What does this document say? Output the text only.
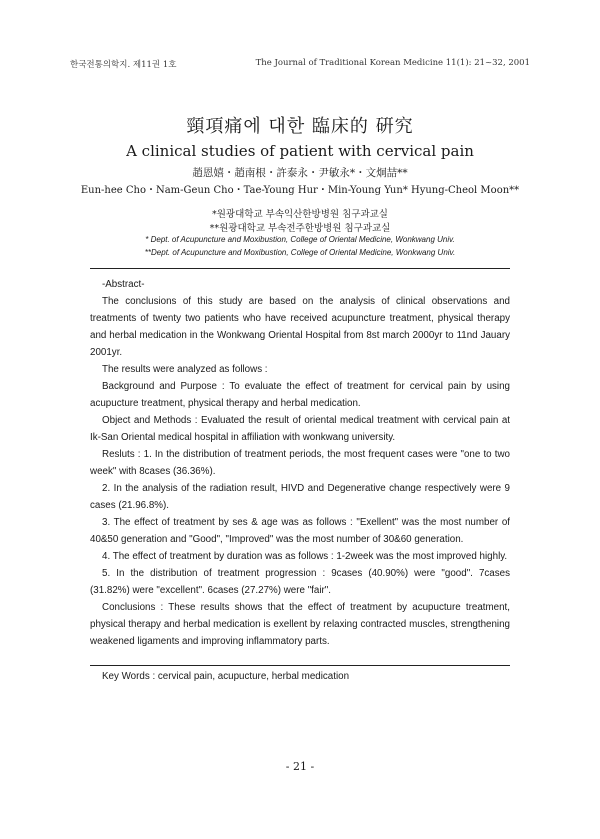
한국전통의학지. 제11권 1호	The Journal of Traditional Korean Medicine 11(1): 21~32, 2001
頸項痛에 대한 臨床的 硏究
A clinical studies of patient with cervical pain
趙恩嬉・趙南根・許泰永・尹敏永*・文炯喆**
Eun-hee Cho・Nam-Geun Cho・Tae-Young Hur・Min-Young Yun* Hyung-Cheol Moon**
*원광대학교 부속익산한방병원 침구과교실
**원광대학교 부속전주한방병원 침구과교실
* Dept. of Acupuncture and Moxibustion, College of Oriental Medicine, Wonkwang Univ.
**Dept. of Acupuncture and Moxibustion, College of Oriental Medicine, Wonkwang Univ.

-Abstract-

The conclusions of this study are based on the analysis of clinical observations and treatments of twenty two patients who have received acupuncture treatment, physical therapy and herbal medication in the Wonkwang Oriental Hospital from 8st march 2000yr to 11nd Jauary 2001yr.

The results were analyzed as follows :

Background and Purpose : To evaluate the effect of treatment for cervical pain by using acupucture treatment, physical therapy and herbal medication.

Object and Methods : Evaluated the result of oriental medical treatment with cervical pain at Ik-San Oriental medical hospital in affiliation with wonkwang university.

Resluts : 1. In the distribution of treatment periods, the most frequent cases were "one to two week" with 8cases (36.36%).

2. In the analysis of the radiation result, HIVD and Degenerative change respectively were 9 cases (21.96.8%).

3. The effect of treatment by ses & age was as follows : "Exellent" was the most number of 40&50 generation and "Good", "Improved" was the most number of 30&60 generation.

4. The effect of treatment by duration was as follows : 1-2week was the most improved highly.

5. In the distribution of treatment progression : 9cases (40.90%) were "good". 7cases (31.82%) were "excellent". 6cases (27.27%) were "fair".

Conclusions : These results shows that the effect of treatment by acupucture treatment, physical therapy and herbal medication is exellent by relaxing contracted muscles, strengthening weakened ligaments and improving inflammatory parts.

Key Words : cervical pain, acupucture, herbal medication
- 21 -
